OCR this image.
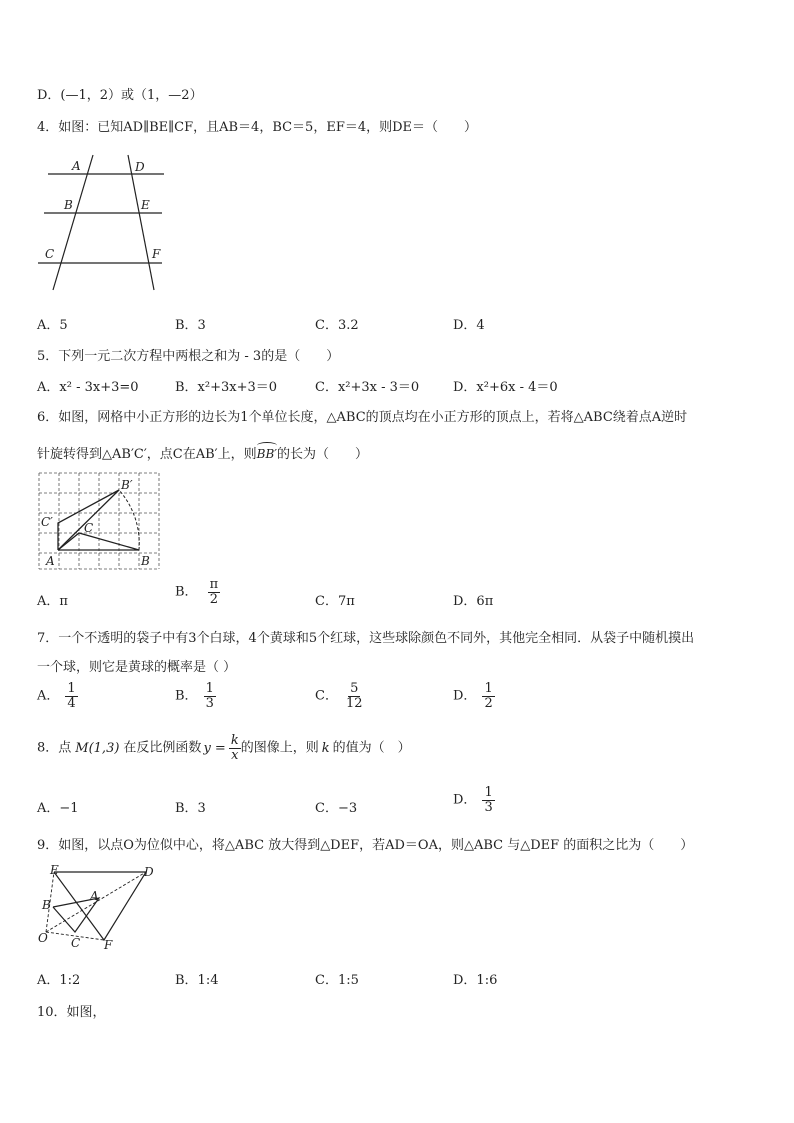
D．(—1，2）或（1，—2）
4．如图：已知AD∥BE∥CF，且AB＝4，BC＝5，EF＝4，则DE＝（　　）
A	D
B	E
C	F
A．5	B．3	C．3.2	D．4
5．下列一元二次方程中两根之和为 - 3的是（　　）
A．x² - 3x+3=0	B．x²+3x+3＝0	C．x²+3x - 3＝0	D．x²+6x - 4＝0
6．如图，网格中小正方形的边长为1个单位长度，△ABC的顶点均在小正方形的顶点上，若将△ABC绕着点A逆时
针旋转得到△AB′C′，点C在AB′上，则
BB′的长为（　　）
B′
C′	C
A	B
A．π
B． $\frac{\pi}{2}$	C．7π	D．6π
7．一个不透明的袋子中有3个白球，4个黄球和5个红球，这些球除颜色不同外，其他完全相同．从袋子中随机摸出
一个球，则它是黄球的概率是（ ）
A． $\frac{1}{4}$	B． $\frac{1}{3}$	C． $\frac{5}{12}$	D． $\frac{1}{2}$
8．点 M(1,3) 在反比例函数 $y = \frac{k}{x}$ 的图像上，则 k 的值为（　）
A．−1	B．3	C．−3
D． $\frac{1}{3}$
9．如图，以点O为位似中心，将△ABC 放大得到△DEF，若AD＝OA，则△ABC 与△DEF 的面积之比为（　　）
E	D
A
B
O C F
A．1:2	B．1:4	C．1:5	D．1:6
10．如图，
